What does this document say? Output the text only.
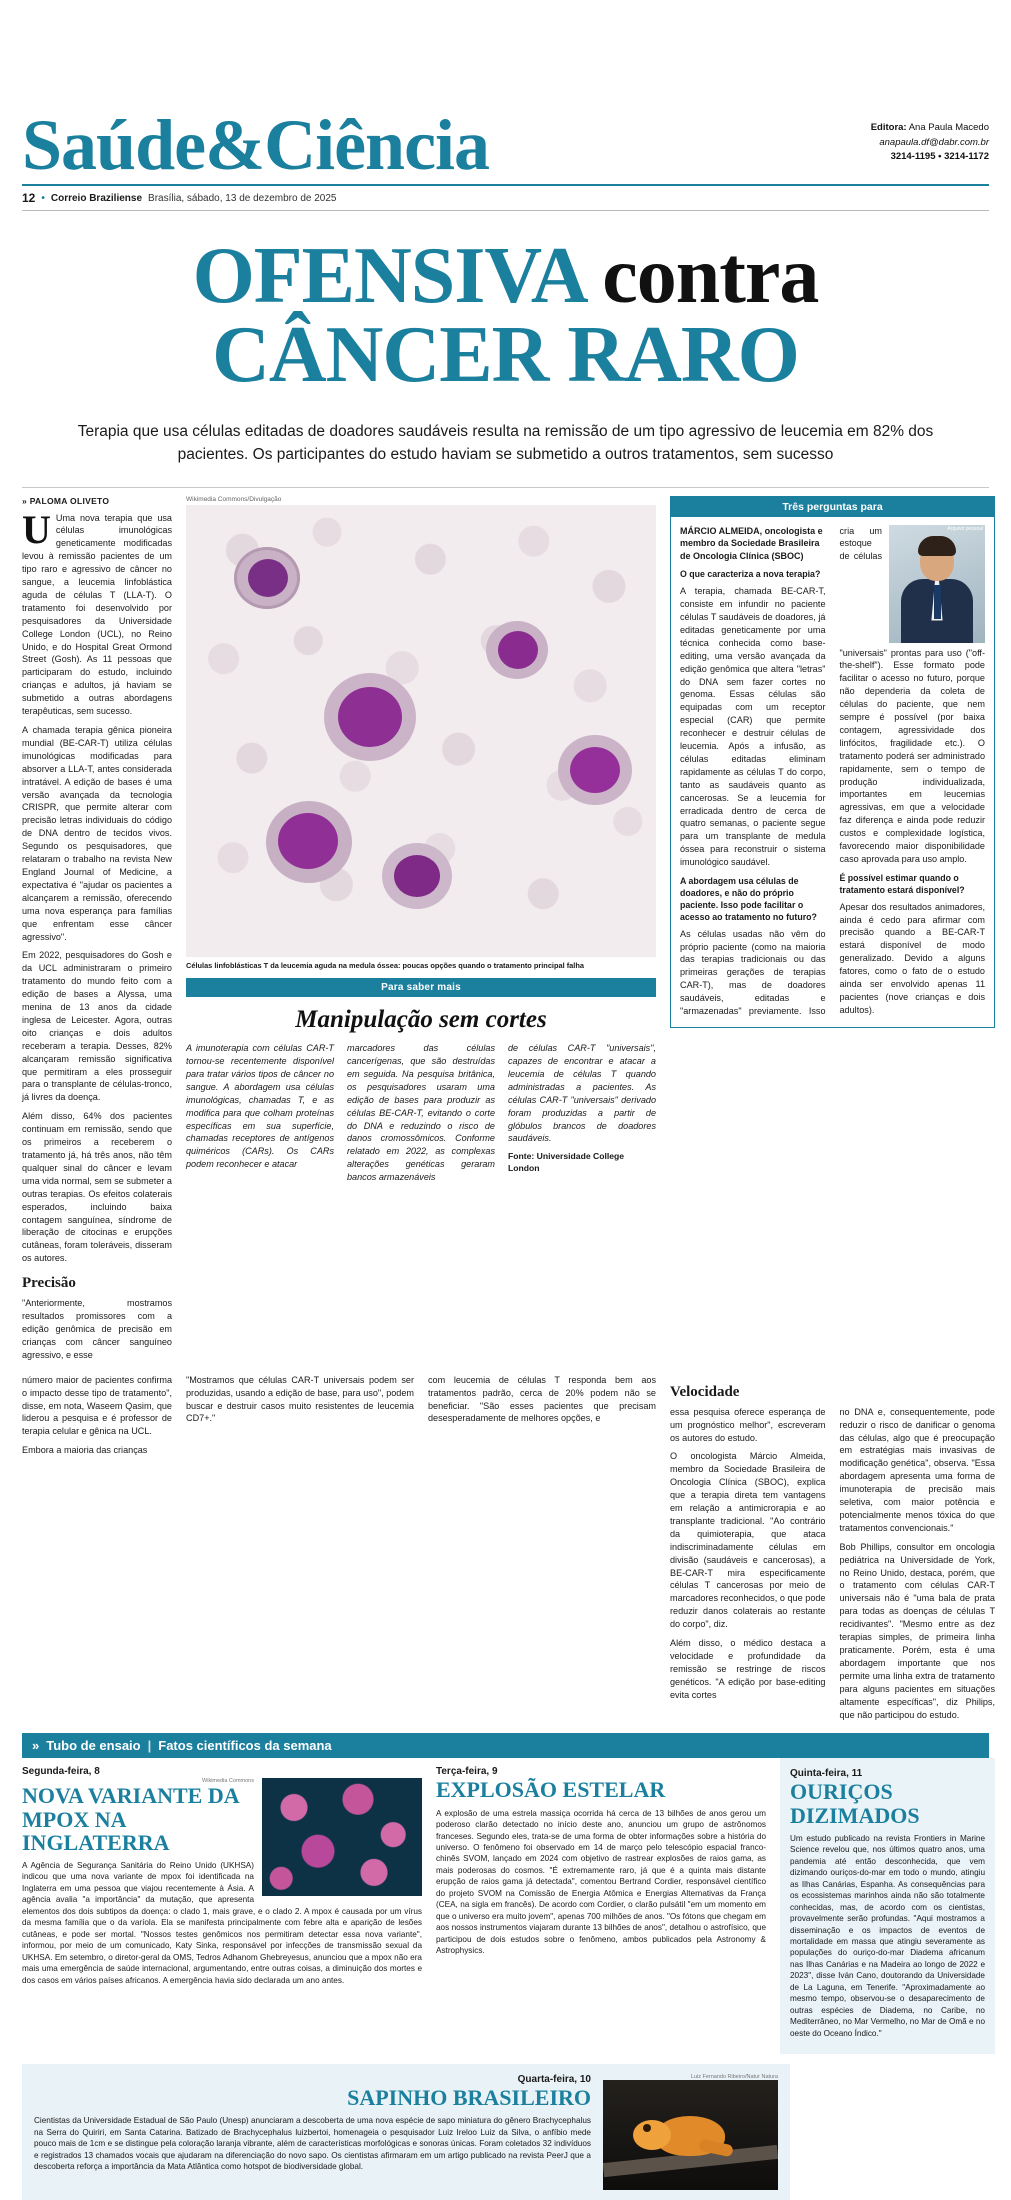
Saúde&Ciência	Editora: Ana Paula Macedo
anapaula.df@dabr.com.br
3214-1195 • 3214-1172
12 • Correio Braziliense Brasília, sábado, 13 de dezembro de 2025
OFENSIVA contra
CÂNCER RARO
Terapia que usa células editadas de doadores saudáveis resulta na remissão de um tipo agressivo de leucemia em 82% dos pacientes. Os participantes do estudo haviam se submetido a outros tratamentos, sem sucesso
» PALOMA OLIVETO

U Uma nova terapia que usa células imunológicas geneticamente modificadas levou à remissão pacientes de um tipo raro e agressivo de câncer no sangue, a leucemia linfoblástica aguda de células T (LLA-T). O tratamento foi desenvolvido por pesquisadores da Universidade College London (UCL), no Reino Unido, e do Hospital Great Ormond Street (Gosh). As 11 pessoas que participaram do estudo, incluindo crianças e adultos, já haviam se submetido a outras abordagens terapêuticas, sem sucesso.

A chamada terapia gênica pioneira mundial (BE-CAR-T) utiliza células imunológicas modificadas para absorver a LLA-T, antes considerada intratável. A edição de bases é uma versão avançada da tecnologia CRISPR, que permite alterar com precisão letras individuais do código de DNA dentro de tecidos vivos. Segundo os pesquisadores, que relataram o trabalho na revista New England Journal of Medicine, a expectativa é "ajudar os pacientes a alcançarem a remissão, oferecendo uma nova esperança para famílias que enfrentam esse câncer agressivo".

Em 2022, pesquisadores do Gosh e da UCL administraram o primeiro tratamento do mundo feito com a edição de bases a Alyssa, uma menina de 13 anos da cidade inglesa de Leicester. Agora, outras oito crianças e dois adultos receberam a terapia. Desses, 82% alcançaram remissão significativa que permitiram a eles prosseguir para o transplante de células-tronco, já livres da doença.

Além disso, 64% dos pacientes continuam em remissão, sendo que os primeiros a receberem o tratamento já, há três anos, não têm qualquer sinal do câncer e levam uma vida normal, sem se submeter a outras terapias. Os efeitos colaterais esperados, incluindo baixa contagem sanguínea, síndrome de liberação de citocinas e erupções cutâneas, foram toleráveis, disseram os autores.

Precisão

"Anteriormente, mostramos resultados promissores com a edição genômica de precisão em crianças com câncer sanguíneo agressivo, e esse

Wikimedia Commons/Divulgação
Células linfoblásticas T da leucemia aguda na medula óssea: poucas opções quando o tratamento principal falha
Para saber mais
Manipulação sem cortes

A imunoterapia com células CAR-T tornou-se recentemente disponível para tratar vários tipos de câncer no sangue. A abordagem usa células imunológicas, chamadas T, e as modifica para que colham proteínas específicas em sua superfície, chamadas receptores de antígenos quiméricos (CARs). Os CARs podem reconhecer e atacar

marcadores das células cancerígenas, que são destruídas em seguida. Na pesquisa britânica, os pesquisadores usaram uma edição de bases para produzir as células BE-CAR-T, evitando o corte do DNA e reduzindo o risco de danos cromossômicos. Conforme relatado em 2022, as complexas alterações genéticas geraram bancos armazenáveis

de células CAR-T "universais", capazes de encontrar e atacar a leucemia de células T quando administradas a pacientes. As células CAR-T "universais" derivado foram produzidas a partir de glóbulos brancos de doadores saudáveis.

Fonte: Universidade College London

Três perguntas para

MÁRCIO ALMEIDA, oncologista e membro da Sociedade Brasileira de Oncologia Clínica (SBOC)

O que caracteriza a nova terapia?

A terapia, chamada BE-CAR-T, consiste em infundir no paciente células T saudáveis de doadores, já editadas geneticamente por uma técnica conhecida como base-editing, uma versão avançada da edição genômica que altera "letras" do DNA sem fazer cortes no genoma. Essas células são equipadas com um receptor especial (CAR) que permite reconhecer e destruir células de leucemia. Após a infusão, as células editadas eliminam rapidamente as células T do corpo, tanto as saudáveis quanto as cancerosas. Se a leucemia for erradicada dentro de cerca de quatro semanas, o paciente segue para um transplante de medula óssea para reconstruir o sistema imunológico saudável.

A abordagem usa células de doadores, e não do próprio paciente. Isso pode facilitar o acesso ao tratamento no futuro?

Arquivo pessoal

As células usadas não vêm do próprio paciente (como na maioria das terapias tradicionais ou das primeiras gerações de terapias CAR-T), mas de doadores saudáveis, editadas e "armazenadas" previamente. Isso cria um estoque de células "universais" prontas para uso ("off-the-shelf"). Esse formato pode facilitar o acesso no futuro, porque não dependeria da coleta de células do paciente, que nem sempre é possível (por baixa contagem, agressividade dos linfócitos, fragilidade etc.). O tratamento poderá ser administrado rapidamente, sem o tempo de produção individualizada, importantes em leucemias agressivas, em que a velocidade faz diferença e ainda pode reduzir custos e complexidade logística, favorecendo maior disponibilidade caso aprovada para uso amplo.

É possível estimar quando o tratamento estará disponível?

Apesar dos resultados animadores, ainda é cedo para afirmar com precisão quando a BE-CAR-T estará disponível de modo generalizado. Devido a alguns fatores, como o fato de o estudo ainda ser envolvido apenas 11 pacientes (nove crianças e dois adultos).

número maior de pacientes confirma o impacto desse tipo de tratamento", disse, em nota, Waseem Qasim, que liderou a pesquisa e é professor de terapia celular e gênica na UCL.

Embora a maioria das crianças

"Mostramos que células CAR-T universais podem ser produzidas, usando a edição de base, para uso", podem buscar e destruir casos muito resistentes de leucemia CD7+."

com leucemia de células T responda bem aos tratamentos padrão, cerca de 20% podem não se beneficiar. "São esses pacientes que precisam desesperadamente de melhores opções, e

Velocidade

essa pesquisa oferece esperança de um prognóstico melhor", escreveram os autores do estudo.

O oncologista Márcio Almeida, membro da Sociedade Brasileira de Oncologia Clínica (SBOC), explica que a terapia direta tem vantagens em relação a antimicrorapia e ao transplante tradicional. "Ao contrário da quimioterapia, que ataca indiscriminadamente células em divisão (saudáveis e cancerosas), a BE-CAR-T mira especificamente células T cancerosas por meio de marcadores reconhecidos, o que pode reduzir danos colaterais ao restante do corpo", diz.

Além disso, o médico destaca a velocidade e profundidade da remissão se restringe de riscos genéticos. "A edição por base-editing evita cortes

no DNA e, consequentemente, pode reduzir o risco de danificar o genoma das células, algo que é preocupação em estratégias mais invasivas de modificação genética", observa. "Essa abordagem apresenta uma forma de imunoterapia de precisão mais seletiva, com maior potência e potencialmente menos tóxica do que tratamentos convencionais."

Bob Phillips, consultor em oncologia pediátrica na Universidade de York, no Reino Unido, destaca, porém, que o tratamento com células CAR-T universais não é "uma bala de prata para todas as doenças de células T recidivantes". "Mesmo entre as dez terapias simples, de primeira linha praticamente. Porém, esta é uma abordagem importante que nos permite uma linha extra de tratamento para alguns pacientes em situações altamente específicas", diz Philips, que não participou do estudo.

» Tubo de ensaio | Fatos científicos da semana
Segunda-feira, 8
Wikimedia Commons
NOVA VARIANTE DA MPOX NA INGLATERRA

A Agência de Segurança Sanitária do Reino Unido (UKHSA) indicou que uma nova variante de mpox foi identificada na Inglaterra em uma pessoa que viajou recentemente à Ásia. A agência avalia "a importância" da mutação, que apresenta elementos dos dois subtipos da doença: o clado 1, mais grave, e o clado 2. A mpox é causada por um vírus da mesma família que o da varíola. Ela se manifesta principalmente com febre alta e aparição de lesões cutâneas, e pode ser mortal. "Nossos testes genômicos nos permitiram detectar essa nova variante", informou, por meio de um comunicado, Katy Sinka, responsável por infecções de transmissão sexual da UKHSA. Em setembro, o diretor-geral da OMS, Tedros Adhanom Ghebreyesus, anunciou que a mpox não era mais uma emergência de saúde internacional, argumentando, entre outras coisas, a diminuição dos mortes e dos casos em vários países africanos. A emergência havia sido declarada um ano antes.

Terça-feira, 9
EXPLOSÃO ESTELAR

A explosão de uma estrela massiça ocorrida há cerca de 13 bilhões de anos gerou um poderoso clarão detectado no início deste ano, anunciou um grupo de astrônomos franceses. Segundo eles, trata-se de uma forma de obter informações sobre a história do universo. O fenômeno foi observado em 14 de março pelo telescópio espacial franco-chinês SVOM, lançado em 2024 com objetivo de rastrear explosões de raios gama, as mais poderosas do cosmos. "É extremamente raro, já que é a quinta mais distante erupção de raios gama já detectada", comentou Bertrand Cordier, responsável científico do projeto SVOM na Comissão de Energia Atômica e Energias Alternativas da França (CEA, na sigla em francês). De acordo com Cordier, o clarão pulsátil "em um momento em que o universo era muito jovem", apenas 700 milhões de anos. "Os fótons que chegam em aos nossos instrumentos viajaram durante 13 bilhões de anos", detalhou o astrofísico, que participou de dois estudos sobre o fenômeno, ambos publicados pela Astronomy & Astrophysics.

Quinta-feira, 11
OURIÇOS DIZIMADOS

Um estudo publicado na revista Frontiers in Marine Science revelou que, nos últimos quatro anos, uma pandemia até então desconhecida, que vem dizimando ouriços-do-mar em todo o mundo, atingiu as Ilhas Canárias, Espanha. As consequências para os ecossistemas marinhos ainda não são totalmente conhecidas, mas, de acordo com os cientistas, provavelmente serão profundas. "Aqui mostramos a disseminação e os impactos de eventos de mortalidade em massa que atingiu severamente as populações do ouriço-do-mar Diadema africanum nas Ilhas Canárias e na Madeira ao longo de 2022 e 2023", disse Iván Cano, doutorando da Universidade de La Laguna, em Tenerife. "Aproximadamente ao mesmo tempo, observou-se o desaparecimento de outras espécies de Diadema, no Caribe, no Mediterrâneo, no Mar Vermelho, no Mar de Omã e no oeste do Oceano Índico."

Quarta-feira, 10
SAPINHO BRASILEIRO

Cientistas da Universidade Estadual de São Paulo (Unesp) anunciaram a descoberta de uma nova espécie de sapo miniatura do gênero Brachycephalus na Serra do Quiriri, em Santa Catarina. Batizado de Brachycephalus luizbertoi, homenageia o pesquisador Luiz Ireloo Luiz da Silva, o anfíbio mede pouco mais de 1cm e se distingue pela coloração laranja vibrante, além de características morfológicas e sonoras únicas. Foram coletados 32 indivíduos e registrados 13 chamados vocais que ajudaram na diferenciação do novo sapo. Os cientistas afirmaram em um artigo publicado na revista PeerJ que a descoberta reforça a importância da Mata Atlântica como hotspot de biodiversidade global.

Luiz Fernando Ribeiro/Natur Natura
